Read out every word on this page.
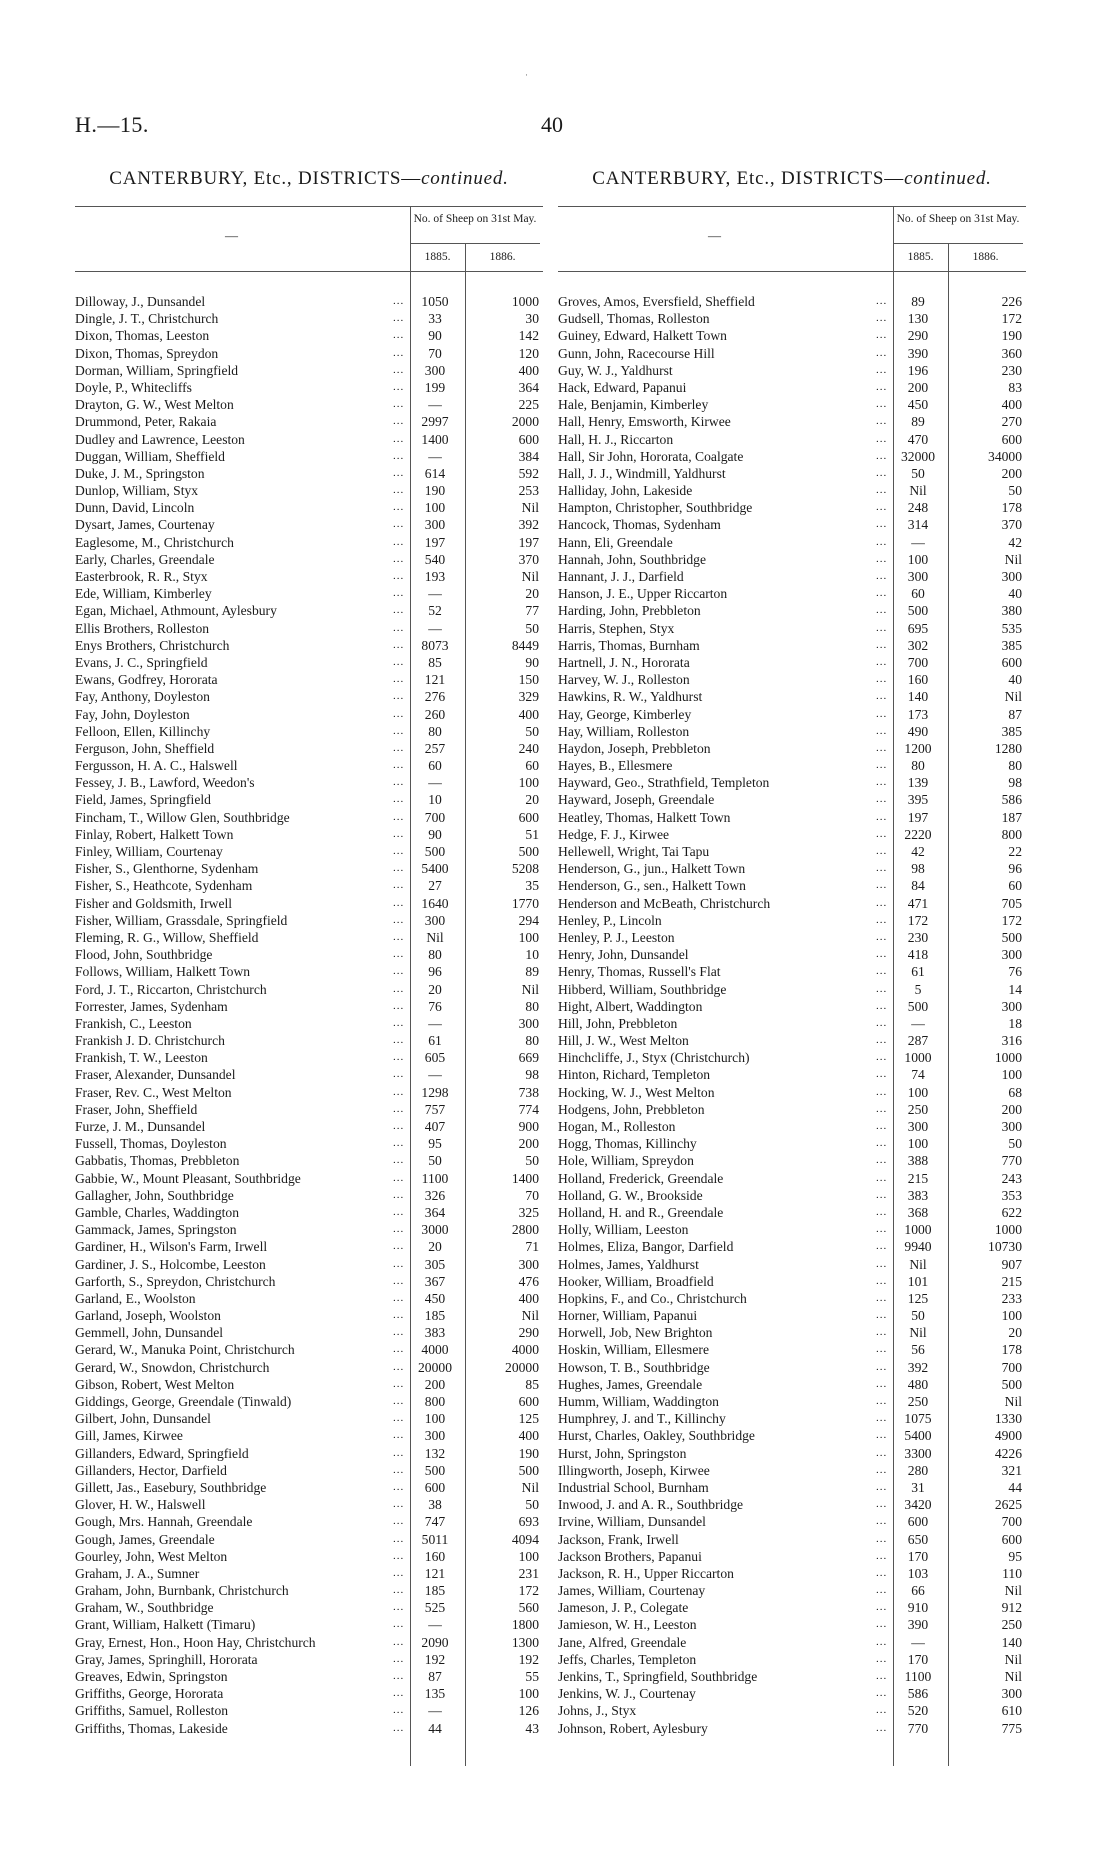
·
H.—15.	40
CANTERBURY, Etc., DISTRICTS—continued.
—
No. of Sheep on 31st May.
1885.	1886.
Dilloway, J., Dunsandel	...	1050	1000
Dingle, J. T., Christchurch	...	33	30
Dixon, Thomas, Leeston	...	90	142
Dixon, Thomas, Spreydon	...	70	120
Dorman, William, Springfield	...	300	400
Doyle, P., Whitecliffs	...	199	364
Drayton, G. W., West Melton	...	—	225
Drummond, Peter, Rakaia	...	2997	2000
Dudley and Lawrence, Leeston	...	1400	600
Duggan, William, Sheffield	...	—	384
Duke, J. M., Springston	...	614	592
Dunlop, William, Styx	...	190	253
Dunn, David, Lincoln	...	100	Nil
Dysart, James, Courtenay	...	300	392
Eaglesome, M., Christchurch	...	197	197
Early, Charles, Greendale	...	540	370
Easterbrook, R. R., Styx	...	193	Nil
Ede, William, Kimberley	...	—	20
Egan, Michael, Athmount, Aylesbury	...	52	77
Ellis Brothers, Rolleston	...	—	50
Enys Brothers, Christchurch	...	8073	8449
Evans, J. C., Springfield	...	85	90
Ewans, Godfrey, Hororata	...	121	150
Fay, Anthony, Doyleston	...	276	329
Fay, John, Doyleston	...	260	400
Felloon, Ellen, Killinchy	...	80	50
Ferguson, John, Sheffield	...	257	240
Fergusson, H. A. C., Halswell	...	60	60
Fessey, J. B., Lawford, Weedon's	...	—	100
Field, James, Springfield	...	10	20
Fincham, T., Willow Glen, Southbridge	...	700	600
Finlay, Robert, Halkett Town	...	90	51
Finley, William, Courtenay	...	500	500
Fisher, S., Glenthorne, Sydenham	...	5400	5208
Fisher, S., Heathcote, Sydenham	...	27	35
Fisher and Goldsmith, Irwell	...	1640	1770
Fisher, William, Grassdale, Springfield	...	300	294
Fleming, R. G., Willow, Sheffield	...	Nil	100
Flood, John, Southbridge	...	80	10
Follows, William, Halkett Town	...	96	89
Ford, J. T., Riccarton, Christchurch	...	20	Nil
Forrester, James, Sydenham	...	76	80
Frankish, C., Leeston	...	—	300
Frankish J. D. Christchurch	...	61	80
Frankish, T. W., Leeston	...	605	669
Fraser, Alexander, Dunsandel	...	—	98
Fraser, Rev. C., West Melton	...	1298	738
Fraser, John, Sheffield	...	757	774
Furze, J. M., Dunsandel	...	407	900
Fussell, Thomas, Doyleston	...	95	200
Gabbatis, Thomas, Prebbleton	...	50	50
Gabbie, W., Mount Pleasant, Southbridge	...	1100	1400
Gallagher, John, Southbridge	...	326	70
Gamble, Charles, Waddington	...	364	325
Gammack, James, Springston	...	3000	2800
Gardiner, H., Wilson's Farm, Irwell	...	20	71
Gardiner, J. S., Holcombe, Leeston	...	305	300
Garforth, S., Spreydon, Christchurch	...	367	476
Garland, E., Woolston	...	450	400
Garland, Joseph, Woolston	...	185	Nil
Gemmell, John, Dunsandel	...	383	290
Gerard, W., Manuka Point, Christchurch	...	4000	4000
Gerard, W., Snowdon, Christchurch	...	20000	20000
Gibson, Robert, West Melton	...	200	85
Giddings, George, Greendale (Tinwald)	...	800	600
Gilbert, John, Dunsandel	...	100	125
Gill, James, Kirwee	...	300	400
Gillanders, Edward, Springfield	...	132	190
Gillanders, Hector, Darfield	...	500	500
Gillett, Jas., Easebury, Southbridge	...	600	Nil
Glover, H. W., Halswell	...	38	50
Gough, Mrs. Hannah, Greendale	...	747	693
Gough, James, Greendale	...	5011	4094
Gourley, John, West Melton	...	160	100
Graham, J. A., Sumner	...	121	231
Graham, John, Burnbank, Christchurch	...	185	172
Graham, W., Southbridge	...	525	560
Grant, William, Halkett (Timaru)	...	—	1800
Gray, Ernest, Hon., Hoon Hay, Christchurch	...	2090	1300
Gray, James, Springhill, Hororata	...	192	192
Greaves, Edwin, Springston	...	87	55
Griffiths, George, Hororata	...	135	100
Griffiths, Samuel, Rolleston	...	—	126
Griffiths, Thomas, Lakeside	...	44	43
CANTERBURY, Etc., DISTRICTS—continued.
—
No. of Sheep on 31st May.
1885.	1886.
Groves, Amos, Eversfield, Sheffield	...	89	226
Gudsell, Thomas, Rolleston	...	130	172
Guiney, Edward, Halkett Town	...	290	190
Gunn, John, Racecourse Hill	...	390	360
Guy, W. J., Yaldhurst	...	196	230
Hack, Edward, Papanui	...	200	83
Hale, Benjamin, Kimberley	...	450	400
Hall, Henry, Emsworth, Kirwee	...	89	270
Hall, H. J., Riccarton	...	470	600
Hall, Sir John, Hororata, Coalgate	...	32000	34000
Hall, J. J., Windmill, Yaldhurst	...	50	200
Halliday, John, Lakeside	...	Nil	50
Hampton, Christopher, Southbridge	...	248	178
Hancock, Thomas, Sydenham	...	314	370
Hann, Eli, Greendale	...	—	42
Hannah, John, Southbridge	...	100	Nil
Hannant, J. J., Darfield	...	300	300
Hanson, J. E., Upper Riccarton	...	60	40
Harding, John, Prebbleton	...	500	380
Harris, Stephen, Styx	...	695	535
Harris, Thomas, Burnham	...	302	385
Hartnell, J. N., Hororata	...	700	600
Harvey, W. J., Rolleston	...	160	40
Hawkins, R. W., Yaldhurst	...	140	Nil
Hay, George, Kimberley	...	173	87
Hay, William, Rolleston	...	490	385
Haydon, Joseph, Prebbleton	...	1200	1280
Hayes, B., Ellesmere	...	80	80
Hayward, Geo., Strathfield, Templeton	...	139	98
Hayward, Joseph, Greendale	...	395	586
Heatley, Thomas, Halkett Town	...	197	187
Hedge, F. J., Kirwee	...	2220	800
Hellewell, Wright, Tai Tapu	...	42	22
Henderson, G., jun., Halkett Town	...	98	96
Henderson, G., sen., Halkett Town	...	84	60
Henderson and McBeath, Christchurch	...	471	705
Henley, P., Lincoln	...	172	172
Henley, P. J., Leeston	...	230	500
Henry, John, Dunsandel	...	418	300
Henry, Thomas, Russell's Flat	...	61	76
Hibberd, William, Southbridge	...	5	14
Hight, Albert, Waddington	...	500	300
Hill, John, Prebbleton	...	—	18
Hill, J. W., West Melton	...	287	316
Hinchcliffe, J., Styx (Christchurch)	...	1000	1000
Hinton, Richard, Templeton	...	74	100
Hocking, W. J., West Melton	...	100	68
Hodgens, John, Prebbleton	...	250	200
Hogan, M., Rolleston	...	300	300
Hogg, Thomas, Killinchy	...	100	50
Hole, William, Spreydon	...	388	770
Holland, Frederick, Greendale	...	215	243
Holland, G. W., Brookside	...	383	353
Holland, H. and R., Greendale	...	368	622
Holly, William, Leeston	...	1000	1000
Holmes, Eliza, Bangor, Darfield	...	9940	10730
Holmes, James, Yaldhurst	...	Nil	907
Hooker, William, Broadfield	...	101	215
Hopkins, F., and Co., Christchurch	...	125	233
Horner, William, Papanui	...	50	100
Horwell, Job, New Brighton	...	Nil	20
Hoskin, William, Ellesmere	...	56	178
Howson, T. B., Southbridge	...	392	700
Hughes, James, Greendale	...	480	500
Humm, William, Waddington	...	250	Nil
Humphrey, J. and T., Killinchy	...	1075	1330
Hurst, Charles, Oakley, Southbridge	...	5400	4900
Hurst, John, Springston	...	3300	4226
Illingworth, Joseph, Kirwee	...	280	321
Industrial School, Burnham	...	31	44
Inwood, J. and A. R., Southbridge	...	3420	2625
Irvine, William, Dunsandel	...	600	700
Jackson, Frank, Irwell	...	650	600
Jackson Brothers, Papanui	...	170	95
Jackson, R. H., Upper Riccarton	...	103	110
James, William, Courtenay	...	66	Nil
Jameson, J. P., Colegate	...	910	912
Jamieson, W. H., Leeston	...	390	250
Jane, Alfred, Greendale	...	—	140
Jeffs, Charles, Templeton	...	170	Nil
Jenkins, T., Springfield, Southbridge	...	1100	Nil
Jenkins, W. J., Courtenay	...	586	300
Johns, J., Styx	...	520	610
Johnson, Robert, Aylesbury	...	770	775
